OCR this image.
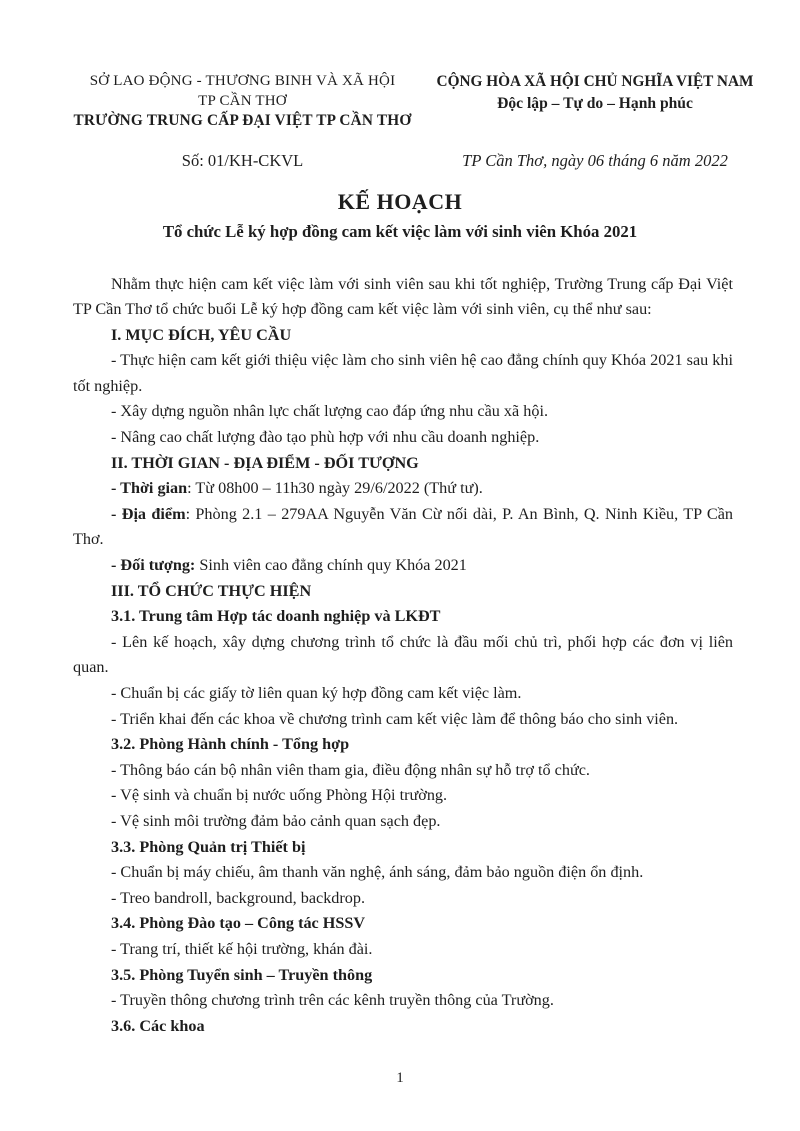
SỞ LAO ĐỘNG - THƯƠNG BINH VÀ XÃ HỘI
TP CẦN THƠ
TRƯỜNG TRUNG CẤP ĐẠI VIỆT TP CẦN THƠ
CỘNG HÒA XÃ HỘI CHỦ NGHĨA VIỆT NAM
Độc lập – Tự do – Hạnh phúc
Số: 01/KH-CKVL	TP Cần Thơ, ngày 06 tháng 6 năm 2022
KẾ HOẠCH
Tổ chức Lễ ký hợp đồng cam kết việc làm với sinh viên Khóa 2021

Nhằm thực hiện cam kết việc làm với sinh viên sau khi tốt nghiệp, Trường Trung cấp Đại Việt TP Cần Thơ tổ chức buổi Lễ ký hợp đồng cam kết việc làm với sinh viên, cụ thể như sau:

I. MỤC ĐÍCH, YÊU CẦU

- Thực hiện cam kết giới thiệu việc làm cho sinh viên hệ cao đẳng chính quy Khóa 2021 sau khi tốt nghiệp.

- Xây dựng nguồn nhân lực chất lượng cao đáp ứng nhu cầu xã hội.

- Nâng cao chất lượng đào tạo phù hợp với nhu cầu doanh nghiệp.

II. THỜI GIAN - ĐỊA ĐIỂM - ĐỐI TƯỢNG

- Thời gian: Từ 08h00 – 11h30 ngày 29/6/2022 (Thứ tư).

- Địa điểm: Phòng 2.1 – 279AA Nguyễn Văn Cừ nối dài, P. An Bình, Q. Ninh Kiều, TP Cần Thơ.

- Đối tượng: Sinh viên cao đẳng chính quy Khóa 2021

III. TỔ CHỨC THỰC HIỆN

3.1. Trung tâm Hợp tác doanh nghiệp và LKĐT

- Lên kế hoạch, xây dựng chương trình tổ chức là đầu mối chủ trì, phối hợp các đơn vị liên quan.

- Chuẩn bị các giấy tờ liên quan ký hợp đồng cam kết việc làm.

- Triển khai đến các khoa về chương trình cam kết việc làm để thông báo cho sinh viên.

3.2. Phòng Hành chính - Tổng hợp

- Thông báo cán bộ nhân viên tham gia, điều động nhân sự hỗ trợ tổ chức.

- Vệ sinh và chuẩn bị nước uống Phòng Hội trường.

- Vệ sinh môi trường đảm bảo cảnh quan sạch đẹp.

3.3. Phòng Quản trị Thiết bị

- Chuẩn bị máy chiếu, âm thanh văn nghệ, ánh sáng, đảm bảo nguồn điện ổn định.

- Treo bandroll, background, backdrop.

3.4. Phòng Đào tạo – Công tác HSSV

- Trang trí, thiết kế hội trường, khán đài.

3.5. Phòng Tuyển sinh – Truyền thông

- Truyền thông chương trình trên các kênh truyền thông của Trường.

3.6. Các khoa

1
